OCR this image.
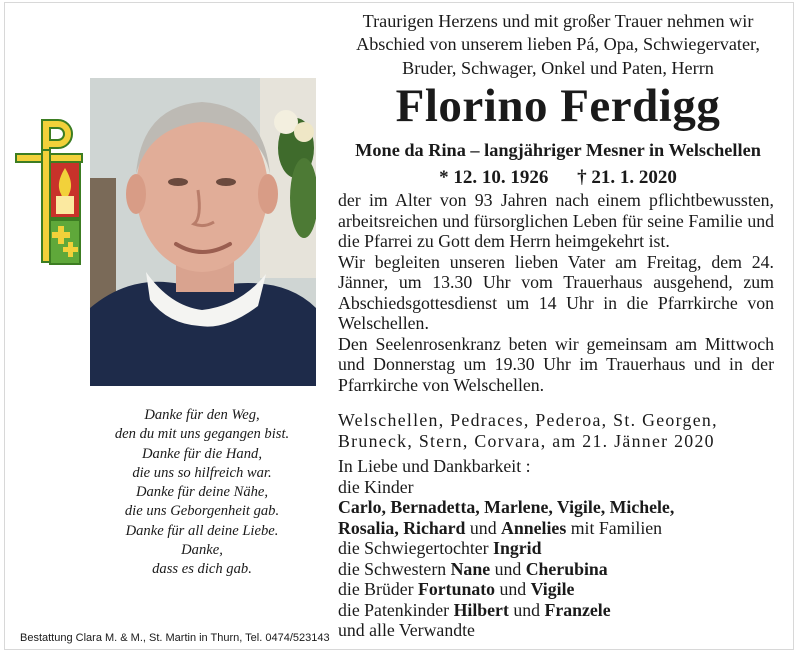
Traurigen Herzens und mit großer Trauer nehmen wir
Abschied von unserem lieben Pá, Opa, Schwiegervater,
Bruder, Schwager, Onkel und Paten, Herrn
Florino Ferdigg
Mone da Rina – langjähriger Mesner in Welschellen
* 12. 10. 1926 † 21. 1. 2020

der im Alter von 93 Jahren nach einem pflichtbewussten, arbeitsreichen und fürsorglichen Leben für seine Familie und die Pfarrei zu Gott dem Herrn heimgekehrt ist.

Wir begleiten unseren lieben Vater am Freitag, dem 24. Jänner, um 13.30 Uhr vom Trauerhaus ausgehend, zum Abschiedsgottesdienst um 14 Uhr in die Pfarrkirche von Welschellen.

Den Seelenrosenkranz beten wir gemeinsam am Mittwoch und Donnerstag um 19.30 Uhr im Trauerhaus und in der Pfarrkirche von Welschellen.

Welschellen, Pedraces, Pederoa, St. Georgen, Bruneck, Stern, Corvara, am 21. Jänner 2020
In Liebe und Dankbarkeit :
die Kinder
Carlo, Bernadetta, Marlene, Vigile, Michele,
Rosalia, Richard und Annelies mit Familien
die Schwiegertochter Ingrid
die Schwestern Nane und Cherubina
die Brüder Fortunato und Vigile
die Patenkinder Hilbert und Franzele
und alle Verwandte
Danke für den Weg,
den du mit uns gegangen bist.
Danke für die Hand,
die uns so hilfreich war.
Danke für deine Nähe,
die uns Geborgenheit gab.
Danke für all deine Liebe.
Danke,
dass es dich gab.
Bestattung Clara M. & M., St. Martin in Thurn, Tel. 0474/523143
